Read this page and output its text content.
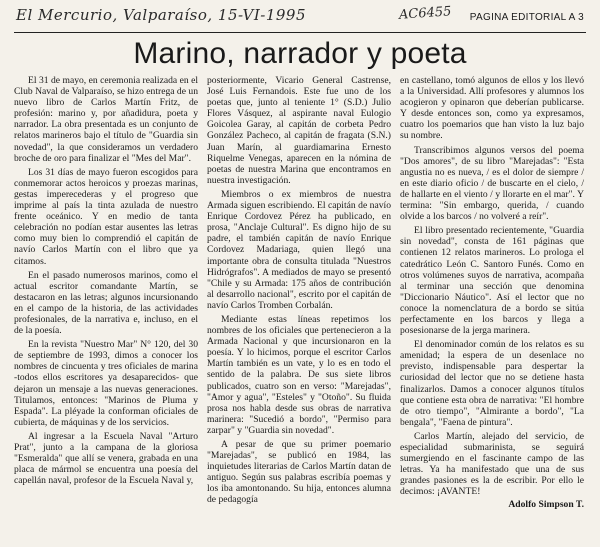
El Mercurio, Valparaíso, 15-VI-1995	AC6455 PAGINA EDITORIAL A 3
Marino, narrador y poeta

El 31 de mayo, en ceremonia realizada en el Club Naval de Valparaíso, se hizo entrega de un nuevo libro de Carlos Martín Fritz, de profesión: marino y, por añadidura, poeta y narrador. La obra presentada es un conjunto de relatos marineros bajo el título de "Guardia sin novedad", la que consideramos un verdadero broche de oro para finalizar el "Mes del Mar".

Los 31 días de mayo fueron escogidos para conmemorar actos heroicos y proezas marinas, gestas imperecederas y el progreso que imprime al país la tinta azulada de nuestro frente oceánico. Y en medio de tanta celebración no podían estar ausentes las letras como muy bien lo comprendió el capitán de navío Carlos Martín con el libro que ya citamos.

En el pasado numerosos marinos, como el actual escritor comandante Martín, se destacaron en las letras; algunos incursionando en el campo de la historia, de las actividades profesionales, de la narrativa e, incluso, en el de la poesía.

En la revista "Nuestro Mar" N° 120, del 30 de septiembre de 1993, dimos a conocer los nombres de cincuenta y tres oficiales de marina -todos ellos escritores ya desaparecidos- que dejaron un mensaje a las nuevas generaciones. Titulamos, entonces: "Marinos de Pluma y Espada". La pléyade la conforman oficiales de cubierta, de máquinas y de los servicios.

Al ingresar a la Escuela Naval "Arturo Prat", junto a la campana de la gloriosa "Esmeralda" que allí se venera, grabada en una placa de mármol se encuentra una poesía del capellán naval, profesor de la Escuela Naval y,

posteriormente, Vicario General Castrense, José Luis Fernandois. Este fue uno de los poetas que, junto al teniente 1° (S.D.) Julio Flores Vásquez, al aspirante naval Eulogio Goicolea Garay, al capitán de corbeta Pedro González Pacheco, al capitán de fragata (S.N.) Juan Marín, al guardiamarina Ernesto Riquelme Venegas, aparecen en la nómina de poetas de nuestra Marina que encontramos en nuestra investigación.

Miembros o ex miembros de nuestra Armada siguen escribiendo. El capitán de navío Enrique Cordovez Pérez ha publicado, en prosa, "Anclaje Cultural". Es digno hijo de su padre, el también capitán de navío Enrique Cordovez Madariaga, quien llegó una importante obra de consulta titulada "Nuestros Hidrógrafos". A mediados de mayo se presentó "Chile y su Armada: 175 años de contribución al desarrollo nacional", escrito por el capitán de navío Carlos Tromben Corbalán.

Mediante estas líneas repetimos los nombres de los oficiales que pertenecieron a la Armada Nacional y que incursionaron en la poesía. Y lo hicimos, porque el escritor Carlos Martín también es un vate, y lo es en todo el sentido de la palabra. De sus siete libros publicados, cuatro son en verso: "Marejadas", "Amor y agua", "Esteles" y "Otoño". Su fluida prosa nos habla desde sus obras de narrativa marinera: "Sucedió a bordo", "Permiso para zarpar" y "Guardia sin novedad".

A pesar de que su primer poemario "Marejadas", se publicó en 1984, las inquietudes literarias de Carlos Martín datan de antiguo. Según sus palabras escribía poemas y los iba amontonando. Su hija, entonces alumna de pedagogía

en castellano, tomó algunos de ellos y los llevó a la Universidad. Allí profesores y alumnos los acogieron y opinaron que deberían publicarse. Y desde entonces son, como ya expresamos, cuatro los poemarios que han visto la luz bajo su nombre.

Transcribimos algunos versos del poema "Dos amores", de su libro "Marejadas": "Esta angustia no es nueva, / es el dolor de siempre / en este diario oficio / de buscarte en el cielo, / de hallarte en el viento / y llorarte en el mar". Y termina: "Sin embargo, querida, / cuando olvide a los barcos / no volveré a reír".

El libro presentado recientemente, "Guardia sin novedad", consta de 161 páginas que contienen 12 relatos marineros. Lo prologa el catedrático León C. Santoro Funés. Como en otros volúmenes suyos de narrativa, acompaña al terminar una sección que denomina "Diccionario Náutico". Así el lector que no conoce la nomenclatura de a bordo se sitúa perfectamente en los barcos y llega a posesionarse de la jerga marinera.

El denominador común de los relatos es su amenidad; la espera de un desenlace no previsto, indispensable para despertar la curiosidad del lector que no se detiene hasta finalizarlos. Damos a conocer algunos títulos que contiene esta obra de narrativa: "El hombre de otro tiempo", "Almirante a bordo", "La bengala", "Faena de pintura".

Carlos Martín, alejado del servicio, de especialidad submarinista, se seguirá sumergiendo en el fascinante campo de las letras. Ya ha manifestado que una de sus grandes pasiones es la de escribir. Por ello le decimos: ¡AVANTE!

Adolfo Simpson T.
